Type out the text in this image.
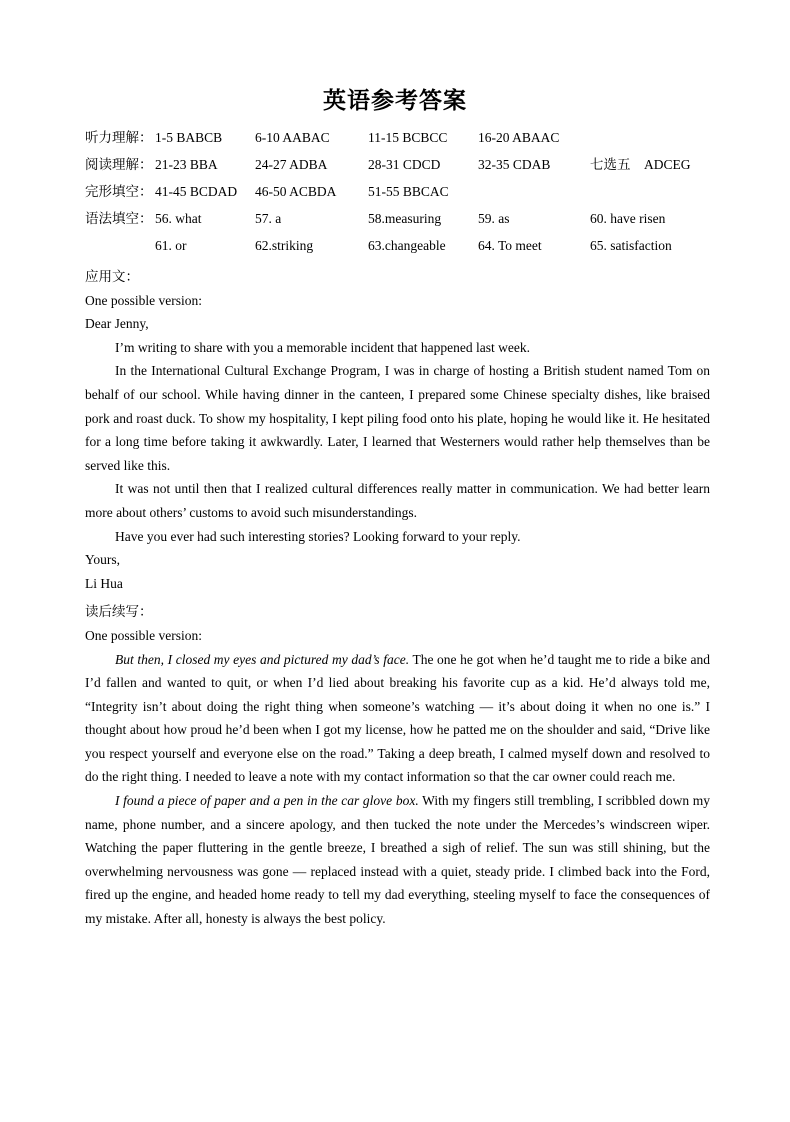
英语参考答案
听力理解： 1-5 BABCB	6-10 AABAC	11-15 BCBCC	16-20 ABAAC
阅读理解： 21-23 BBA	24-27 ADBA	28-31 CDCD	32-35 CDAB	七选五　ADCEG
完形填空： 41-45 BCDAD	46-50 ACBDA	51-55 BBCAC
语法填空： 56. what	57. a	58.measuring	59. as	60. have risen
61. or	62.striking	63.changeable	64. To meet	65. satisfaction

应用文：

One possible version:

Dear Jenny,

I’m writing to share with you a memorable incident that happened last week.

In the International Cultural Exchange Program, I was in charge of hosting a British student named Tom on behalf of our school. While having dinner in the canteen, I prepared some Chinese specialty dishes, like braised pork and roast duck. To show my hospitality, I kept piling food onto his plate, hoping he would like it. He hesitated for a long time before taking it awkwardly. Later, I learned that Westerners would rather help themselves than be served like this.

It was not until then that I realized cultural differences really matter in communication. We had better learn more about others’ customs to avoid such misunderstandings.

Have you ever had such interesting stories? Looking forward to your reply.

Yours,

Li Hua

读后续写：

One possible version:

But then, I closed my eyes and pictured my dad’s face. The one he got when he’d taught me to ride a bike and I’d fallen and wanted to quit, or when I’d lied about breaking his favorite cup as a kid. He’d always told me, “Integrity isn’t about doing the right thing when someone’s watching — it’s about doing it when no one is.” I thought about how proud he’d been when I got my license, how he patted me on the shoulder and said, “Drive like you respect yourself and everyone else on the road.” Taking a deep breath, I calmed myself down and resolved to do the right thing. I needed to leave a note with my contact information so that the car owner could reach me.

I found a piece of paper and a pen in the car glove box. With my fingers still trembling, I scribbled down my name, phone number, and a sincere apology, and then tucked the note under the Mercedes’s windscreen wiper. Watching the paper fluttering in the gentle breeze, I breathed a sigh of relief. The sun was still shining, but the overwhelming nervousness was gone — replaced instead with a quiet, steady pride. I climbed back into the Ford, fired up the engine, and headed home ready to tell my dad everything, steeling myself to face the consequences of my mistake. After all, honesty is always the best policy.
